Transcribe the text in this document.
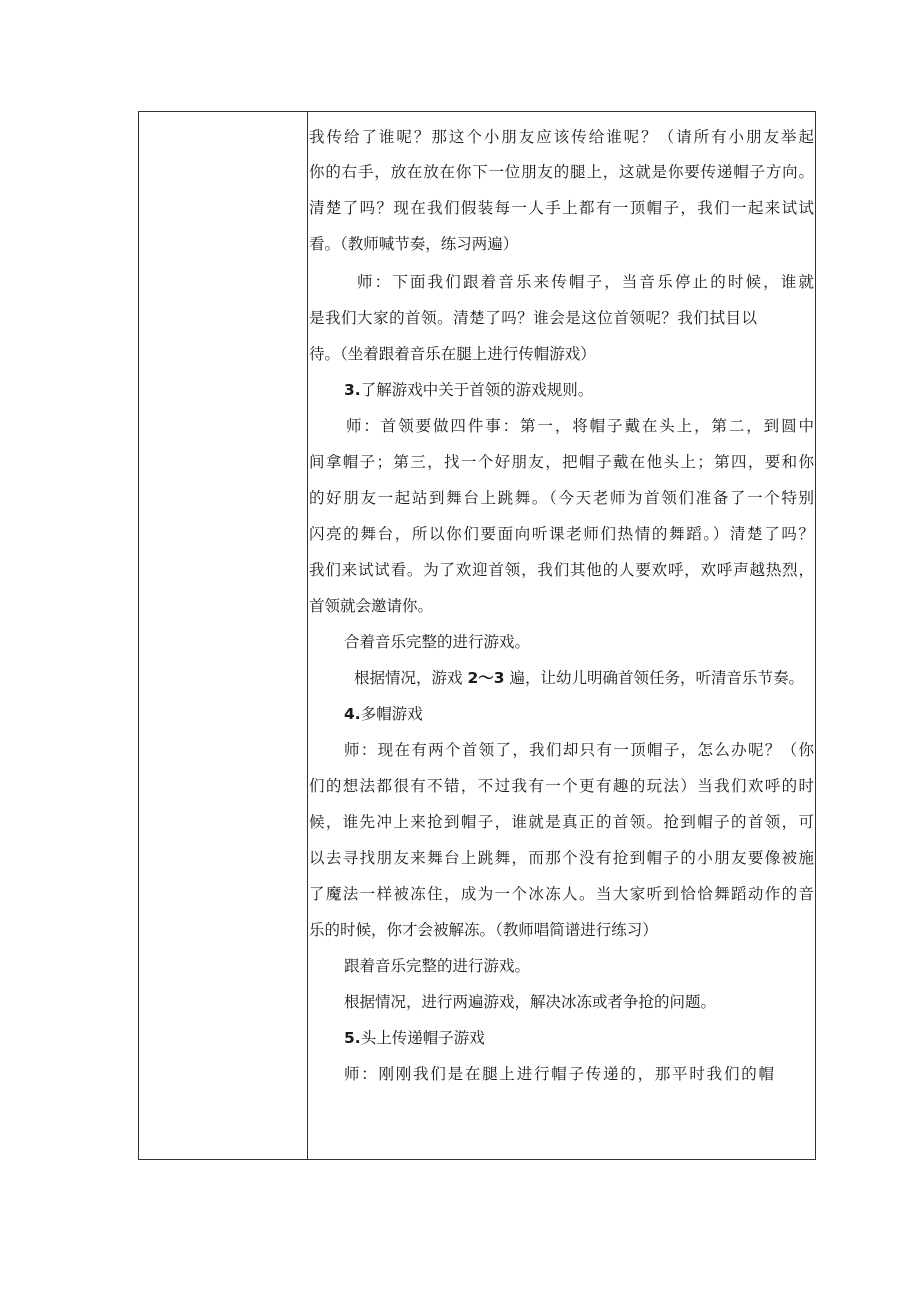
我传给了谁呢？那这个小朋友应该传给谁呢？（请所有小朋友举起
你的右手，放在放在你下一位朋友的腿上，这就是你要传递帽子方向。
清楚了吗？现在我们假装每一人手上都有一顶帽子，我们一起来试试
看。（教师喊节奏，练习两遍）
师：下面我们跟着音乐来传帽子，当音乐停止的时候，谁就
是我们大家的首领。清楚了吗？谁会是这位首领呢？我们拭目以
待。（坐着跟着音乐在腿上进行传帽游戏）
3.了解游戏中关于首领的游戏规则。
师：首领要做四件事：第一，将帽子戴在头上，第二，到圆中
间拿帽子；第三，找一个好朋友，把帽子戴在他头上；第四，要和你
的好朋友一起站到舞台上跳舞。（今天老师为首领们准备了一个特别
闪亮的舞台，所以你们要面向听课老师们热情的舞蹈。）清楚了吗？
我们来试试看。为了欢迎首领，我们其他的人要欢呼，欢呼声越热烈，
首领就会邀请你。
合着音乐完整的进行游戏。
根据情况，游戏 2〜3 遍，让幼儿明确首领任务，听清音乐节奏。
4.多帽游戏
师：现在有两个首领了，我们却只有一顶帽子，怎么办呢？（你
们的想法都很有不错，不过我有一个更有趣的玩法）当我们欢呼的时
候，谁先冲上来抢到帽子，谁就是真正的首领。抢到帽子的首领，可
以去寻找朋友来舞台上跳舞，而那个没有抢到帽子的小朋友要像被施
了魔法一样被冻住，成为一个冰冻人。当大家听到恰恰舞蹈动作的音
乐的时候，你才会被解冻。（教师唱简谱进行练习）
跟着音乐完整的进行游戏。
根据情况，进行两遍游戏，解决冰冻或者争抢的问题。
5.头上传递帽子游戏
师：刚刚我们是在腿上进行帽子传递的，那平时我们的帽
